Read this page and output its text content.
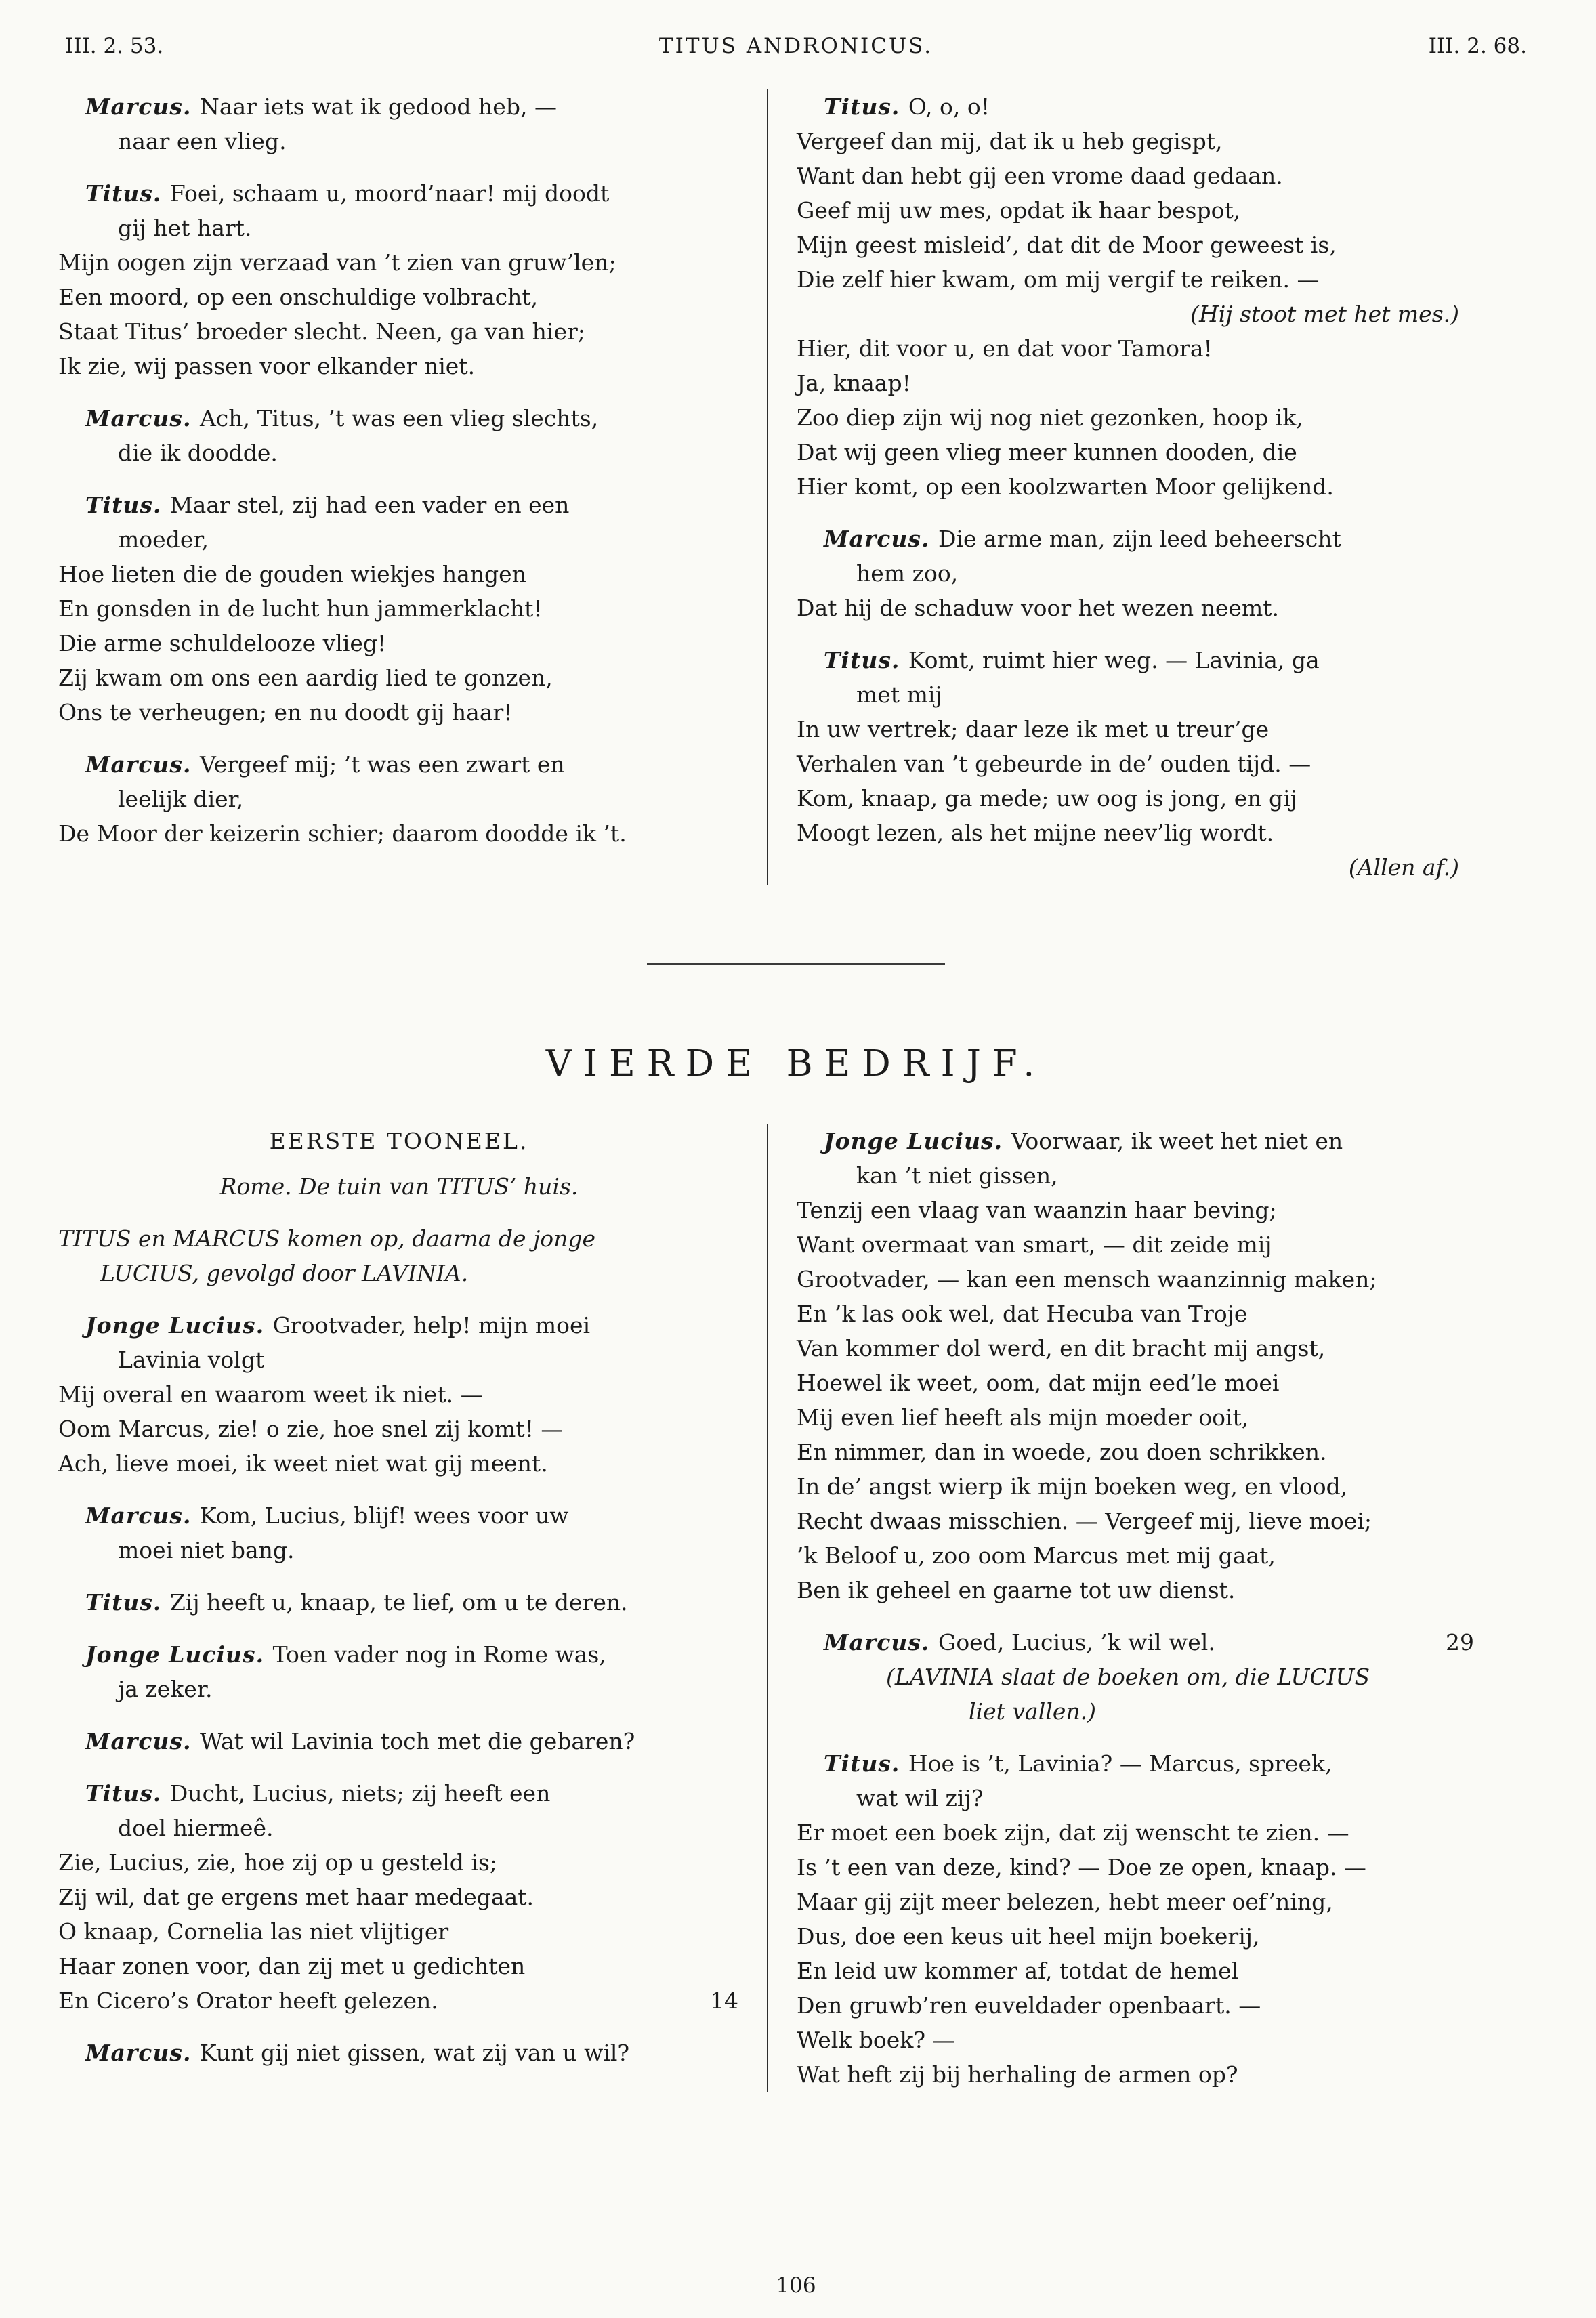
III. 2. 53.	TITUS ANDRONICUS.	III. 2. 68.
Marcus. Naar iets wat ik gedood heb, —
naar een vlieg.
Titus. Foei, schaam u, moord’naar! mij doodt
gij het hart.
Mijn oogen zijn verzaad van ’t zien van gruw’len;
Een moord, op een onschuldige volbracht,
Staat Titus’ broeder slecht. Neen, ga van hier;
Ik zie, wij passen voor elkander niet.
Marcus. Ach, Titus, ’t was een vlieg slechts,
die ik doodde.
Titus. Maar stel, zij had een vader en een
moeder,
Hoe lieten die de gouden wiekjes hangen
En gonsden in de lucht hun jammerklacht!
Die arme schuldelooze vlieg!
Zij kwam om ons een aardig lied te gonzen,
Ons te verheugen; en nu doodt gij haar!
Marcus. Vergeef mij; ’t was een zwart en
leelijk dier,
De Moor der keizerin schier; daarom doodde ik ’t.
Titus. O, o, o!
Vergeef dan mij, dat ik u heb gegispt,
Want dan hebt gij een vrome daad gedaan.
Geef mij uw mes, opdat ik haar bespot,
Mijn geest misleid’, dat dit de Moor geweest is,
Die zelf hier kwam, om mij vergif te reiken. —
(Hij stoot met het mes.)
Hier, dit voor u, en dat voor Tamora!
Ja, knaap!
Zoo diep zijn wij nog niet gezonken, hoop ik,
Dat wij geen vlieg meer kunnen dooden, die
Hier komt, op een koolzwarten Moor gelijkend.
Marcus. Die arme man, zijn leed beheerscht
hem zoo,
Dat hij de schaduw voor het wezen neemt.
Titus. Komt, ruimt hier weg. — Lavinia, ga
met mij
In uw vertrek; daar leze ik met u treur’ge
Verhalen van ’t gebeurde in de’ ouden tijd. —
Kom, knaap, ga mede; uw oog is jong, en gij
Moogt lezen, als het mijne neev’lig wordt.
(Allen af.)
VIERDE BEDRIJF.
EERSTE TOONEEL.
Rome. De tuin van TITUS’ huis.
TITUS en MARCUS komen op, daarna de jonge
LUCIUS, gevolgd door LAVINIA.
Jonge Lucius. Grootvader, help! mijn moei
Lavinia volgt
Mij overal en waarom weet ik niet. —
Oom Marcus, zie! o zie, hoe snel zij komt! —
Ach, lieve moei, ik weet niet wat gij meent.
Marcus. Kom, Lucius, blijf! wees voor uw
moei niet bang.
Titus. Zij heeft u, knaap, te lief, om u te deren.
Jonge Lucius. Toen vader nog in Rome was,
ja zeker.
Marcus. Wat wil Lavinia toch met die gebaren?
Titus. Ducht, Lucius, niets; zij heeft een
doel hiermeê.
Zie, Lucius, zie, hoe zij op u gesteld is;
Zij wil, dat ge ergens met haar medegaat.
O knaap, Cornelia las niet vlijtiger
Haar zonen voor, dan zij met u gedichten
En Cicero’s Orator heeft gelezen.	14
Marcus. Kunt gij niet gissen, wat zij van u wil?
Jonge Lucius. Voorwaar, ik weet het niet en
kan ’t niet gissen,
Tenzij een vlaag van waanzin haar beving;
Want overmaat van smart, — dit zeide mij
Grootvader, — kan een mensch waanzinnig maken;
En ’k las ook wel, dat Hecuba van Troje
Van kommer dol werd, en dit bracht mij angst,
Hoewel ik weet, oom, dat mijn eed’le moei
Mij even lief heeft als mijn moeder ooit,
En nimmer, dan in woede, zou doen schrikken.
In de’ angst wierp ik mijn boeken weg, en vlood,
Recht dwaas misschien. — Vergeef mij, lieve moei;
’k Beloof u, zoo oom Marcus met mij gaat,
Ben ik geheel en gaarne tot uw dienst.
Marcus. Goed, Lucius, ’k wil wel.	29
(LAVINIA slaat de boeken om, die LUCIUS
liet vallen.)
Titus. Hoe is ’t, Lavinia? — Marcus, spreek,
wat wil zij?
Er moet een boek zijn, dat zij wenscht te zien. —
Is ’t een van deze, kind? — Doe ze open, knaap. —
Maar gij zijt meer belezen, hebt meer oef’ning,
Dus, doe een keus uit heel mijn boekerij,
En leid uw kommer af, totdat de hemel
Den gruwb’ren euveldader openbaart. —
Welk boek? —
Wat heft zij bij herhaling de armen op?
106
